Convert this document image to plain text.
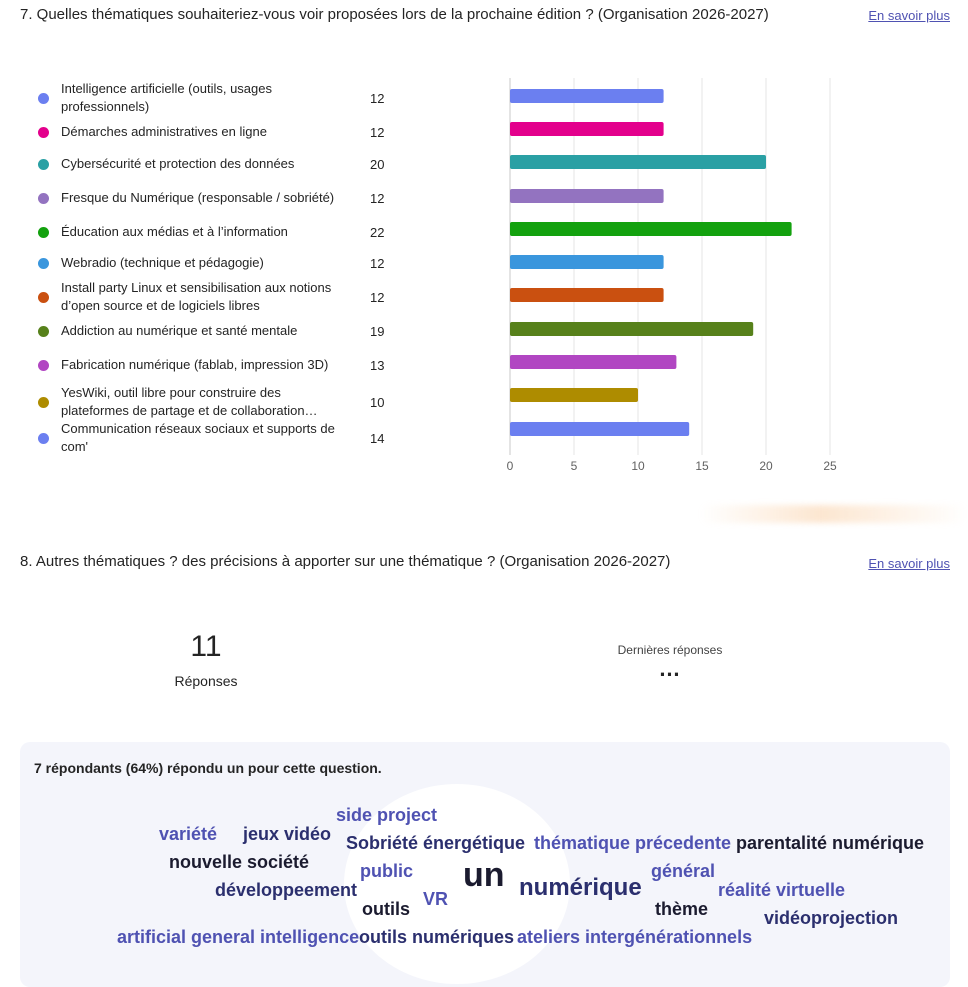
7. Quelles thématiques souhaiteriez-vous voir proposées lors de la prochaine édition ? (Organisation 2026-2027)	En savoir plus
Intelligence artificielle (outils, usages professionnels)
12
Démarches administratives en ligne	12
Cybersécurité et protection des données	20
Fresque du Numérique (responsable / sobriété)	12
Éducation aux médias et à l’information	22
Webradio (technique et pédagogie)	12
Install party Linux et sensibilisation aux notions d’open source et de logiciels libres
12
Addiction au numérique et santé mentale	19
Fabrication numérique (fablab, impression 3D)	13
YesWiki, outil libre pour construire des plateformes de partage et de collaboration…
10
Communication réseaux sociaux et supports de com'
14
0	5	10	15	20	25
8. Autres thématiques ? des précisions à apporter sur une thématique ? (Organisation 2026-2027)	En savoir plus
11
Réponses
Dernières réponses
…
7 répondants (64%) répondu un pour cette question.
side project
variété jeux vidéo Sobriété énergétique thématique précedente parentalité numérique
nouvelle société	public un	général
développeement	numérique	réalité virtuelle
VR
outils	thème	vidéoprojection
artificial general intelligence outils numériques ateliers intergénérationnels
